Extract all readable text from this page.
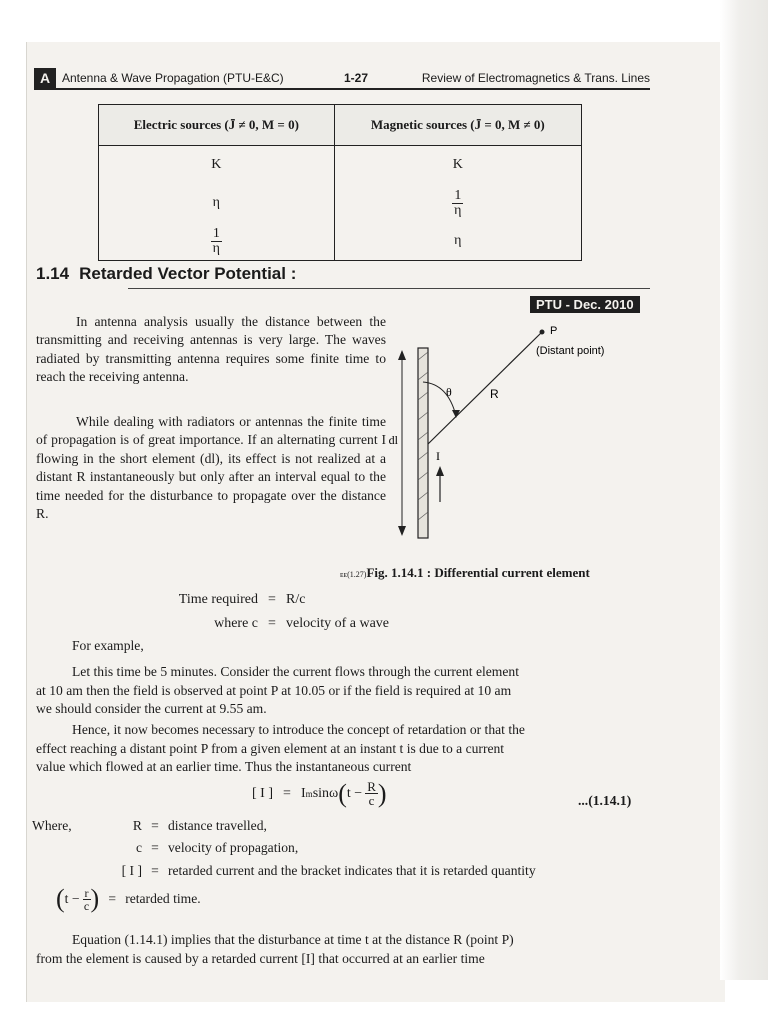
A Antenna & Wave Propagation (PTU-E&C)	1-27	Review of Electromagnetics & Trans. Lines
Electric sources (J̄ ≠ 0, M = 0)	Magnetic sources (J̄ = 0, M ≠ 0)
K	K
η	$\frac{1}{\eta}$

$\frac{1}{\eta}$	η
1.14 Retarded Vector Potential :
PTU - Dec. 2010

In antenna analysis usually the distance between the transmitting and receiving antennas is very large. The waves radiated by transmitting antenna requires some finite time to reach the receiving antenna.

While dealing with radiators or antennas the finite time of propagation is of great importance. If an alternating current I flowing in the short element (dl), its effect is not realized at a distant R instantaneously but only after an interval equal to the time needed for the disturbance to propagate over the distance R.

dl
P
(Distant point)
θ	R
I
ᴇᴇ(1.27)Fig. 1.14.1 : Differential current element
Time required = R/c
where c = velocity of a wave

For example,

Let this time be 5 minutes. Consider the current flows through the current element

at 10 am then the field is observed at point P at 10.05 or if the field is required at 10 am

we should consider the current at 9.55 am.

Hence, it now becomes necessary to introduce the concept of retardation or that the

effect reaching a distant point P from a given element at an instant t is due to a current

value which flowed at an earlier time. Thus the instantaneous current

[ I ] = I m sinω ( $t - \frac{R}{c}$ )	...(1.14.1)
Where,	R = distance travelled,
c = velocity of propagation,
[ I ] = retarded current and the bracket indicates that it is retarded quantity
( $t - \frac{r}{c}$ ) = retarded time.

Equation (1.14.1) implies that the disturbance at time t at the distance R (point P)

from the element is caused by a retarded current [I] that occurred at an earlier time
